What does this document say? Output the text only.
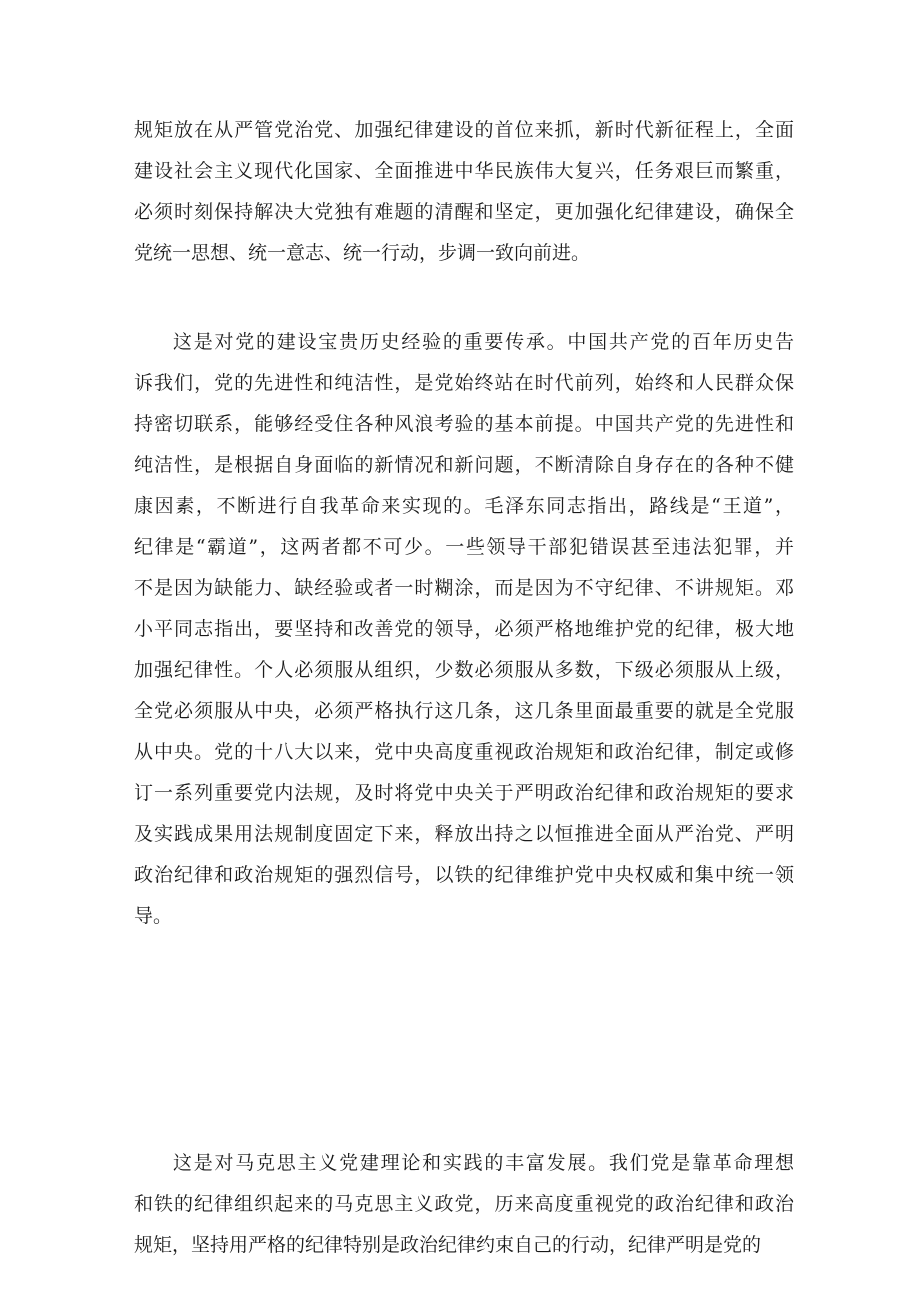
规矩放在从严管党治党、加强纪律建设的首位来抓，新时代新征程上，全面
建设社会主义现代化国家、全面推进中华民族伟大复兴，任务艰巨而繁重，
必须时刻保持解决大党独有难题的清醒和坚定，更加强化纪律建设，确保全
党统一思想、统一意志、统一行动，步调一致向前进。
这是对党的建设宝贵历史经验的重要传承。中国共产党的百年历史告
诉我们，党的先进性和纯洁性，是党始终站在时代前列，始终和人民群众保
持密切联系，能够经受住各种风浪考验的基本前提。中国共产党的先进性和
纯洁性，是根据自身面临的新情况和新问题，不断清除自身存在的各种不健
康因素，不断进行自我革命来实现的。毛泽东同志指出，路线是“王道”，
纪律是“霸道”，这两者都不可少。一些领导干部犯错误甚至违法犯罪，并
不是因为缺能力、缺经验或者一时糊涂，而是因为不守纪律、不讲规矩。邓
小平同志指出，要坚持和改善党的领导，必须严格地维护党的纪律，极大地
加强纪律性。个人必须服从组织，少数必须服从多数，下级必须服从上级，
全党必须服从中央，必须严格执行这几条，这几条里面最重要的就是全党服
从中央。党的十八大以来，党中央高度重视政治规矩和政治纪律，制定或修
订一系列重要党内法规，及时将党中央关于严明政治纪律和政治规矩的要求
及实践成果用法规制度固定下来，释放出持之以恒推进全面从严治党、严明
政治纪律和政治规矩的强烈信号，以铁的纪律维护党中央权威和集中统一领
导。
这是对马克思主义党建理论和实践的丰富发展。我们党是靠革命理想
和铁的纪律组织起来的马克思主义政党，历来高度重视党的政治纪律和政治
规矩，坚持用严格的纪律特别是政治纪律约束自己的行动，纪律严明是党的
